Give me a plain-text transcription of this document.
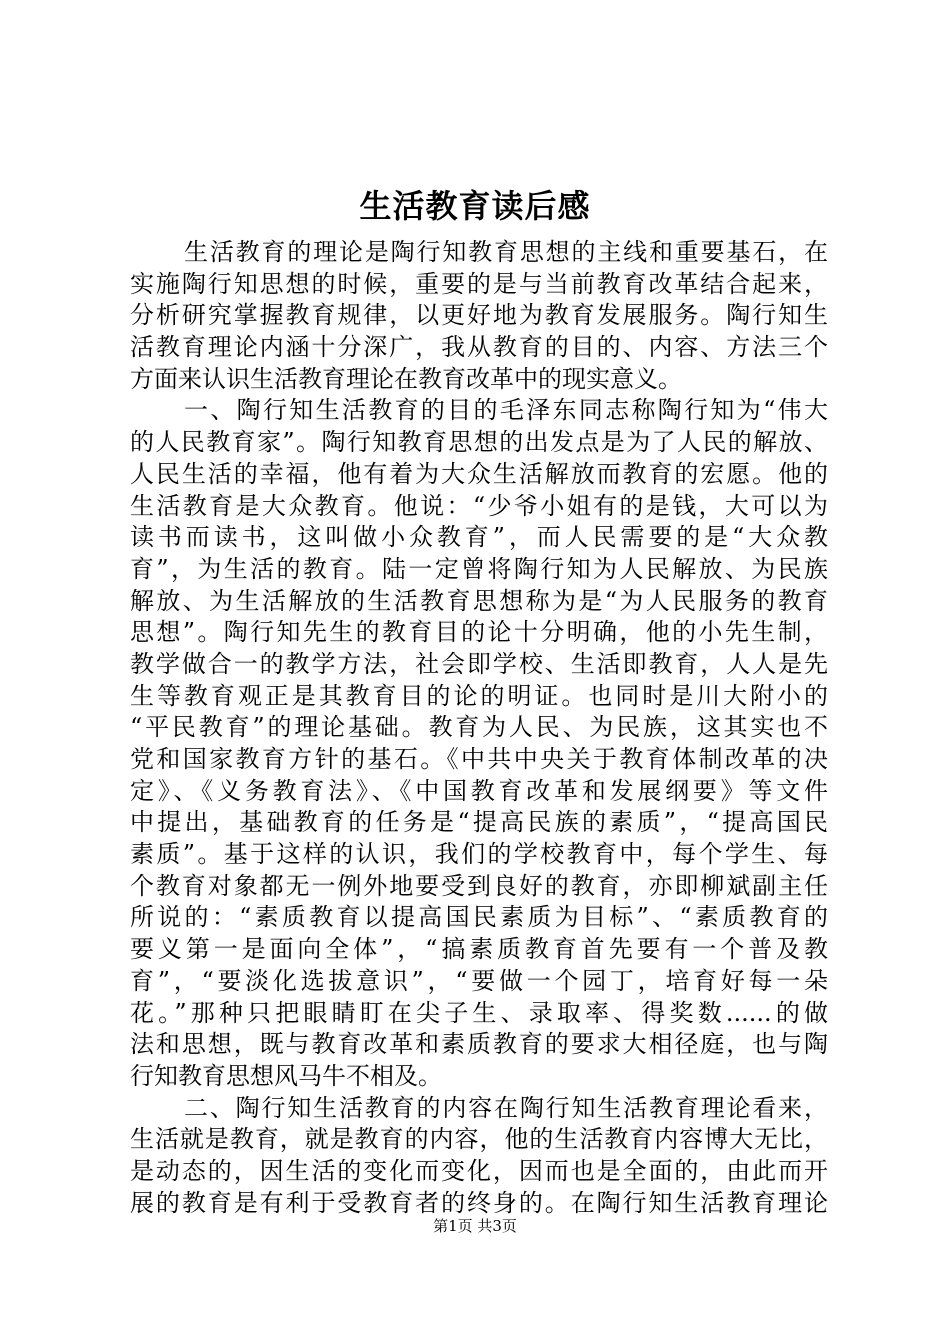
生活教育读后感
生活教育的理论是陶行知教育思想的主线和重要基石，在
实施陶行知思想的时候，重要的是与当前教育改革结合起来，
分析研究掌握教育规律，以更好地为教育发展服务。陶行知生
活教育理论内涵十分深广，我从教育的目的、内容、方法三个
方面来认识生活教育理论在教育改革中的现实意义。
一、陶行知生活教育的目的毛泽东同志称陶行知为“伟大
的人民教育家”。陶行知教育思想的出发点是为了人民的解放、
人民生活的幸福，他有着为大众生活解放而教育的宏愿。他的
生活教育是大众教育。他说：“少爷小姐有的是钱，大可以为
读书而读书，这叫做小众教育”，而人民需要的是“大众教
育”，为生活的教育。陆一定曾将陶行知为人民解放、为民族
解放、为生活解放的生活教育思想称为是“为人民服务的教育
思想”。陶行知先生的教育目的论十分明确，他的小先生制，
教学做合一的教学方法，社会即学校、生活即教育，人人是先
生等教育观正是其教育目的论的明证。也同时是川大附小的
“平民教育”的理论基础。教育为人民、为民族，这其实也不
党和国家教育方针的基石。《中共中央关于教育体制改革的决
定》、《义务教育法》、《中国教育改革和发展纲要》等文件
中提出，基础教育的任务是“提高民族的素质”，“提高国民
素质”。基于这样的认识，我们的学校教育中，每个学生、每
个教育对象都无一例外地要受到良好的教育，亦即柳斌副主任
所说的：“素质教育以提高国民素质为目标”、“素质教育的
要义第一是面向全体”，“搞素质教育首先要有一个普及教
育”，“要淡化选拔意识”，“要做一个园丁，培育好每一朵
花。”那种只把眼睛盯在尖子生、录取率、得奖数......的做
法和思想，既与教育改革和素质教育的要求大相径庭，也与陶
行知教育思想风马牛不相及。
二、陶行知生活教育的内容在陶行知生活教育理论看来，
生活就是教育，就是教育的内容，他的生活教育内容博大无比，
是动态的，因生活的变化而变化，因而也是全面的，由此而开
展的教育是有利于受教育者的终身的。在陶行知生活教育理论
第1页 共3页
